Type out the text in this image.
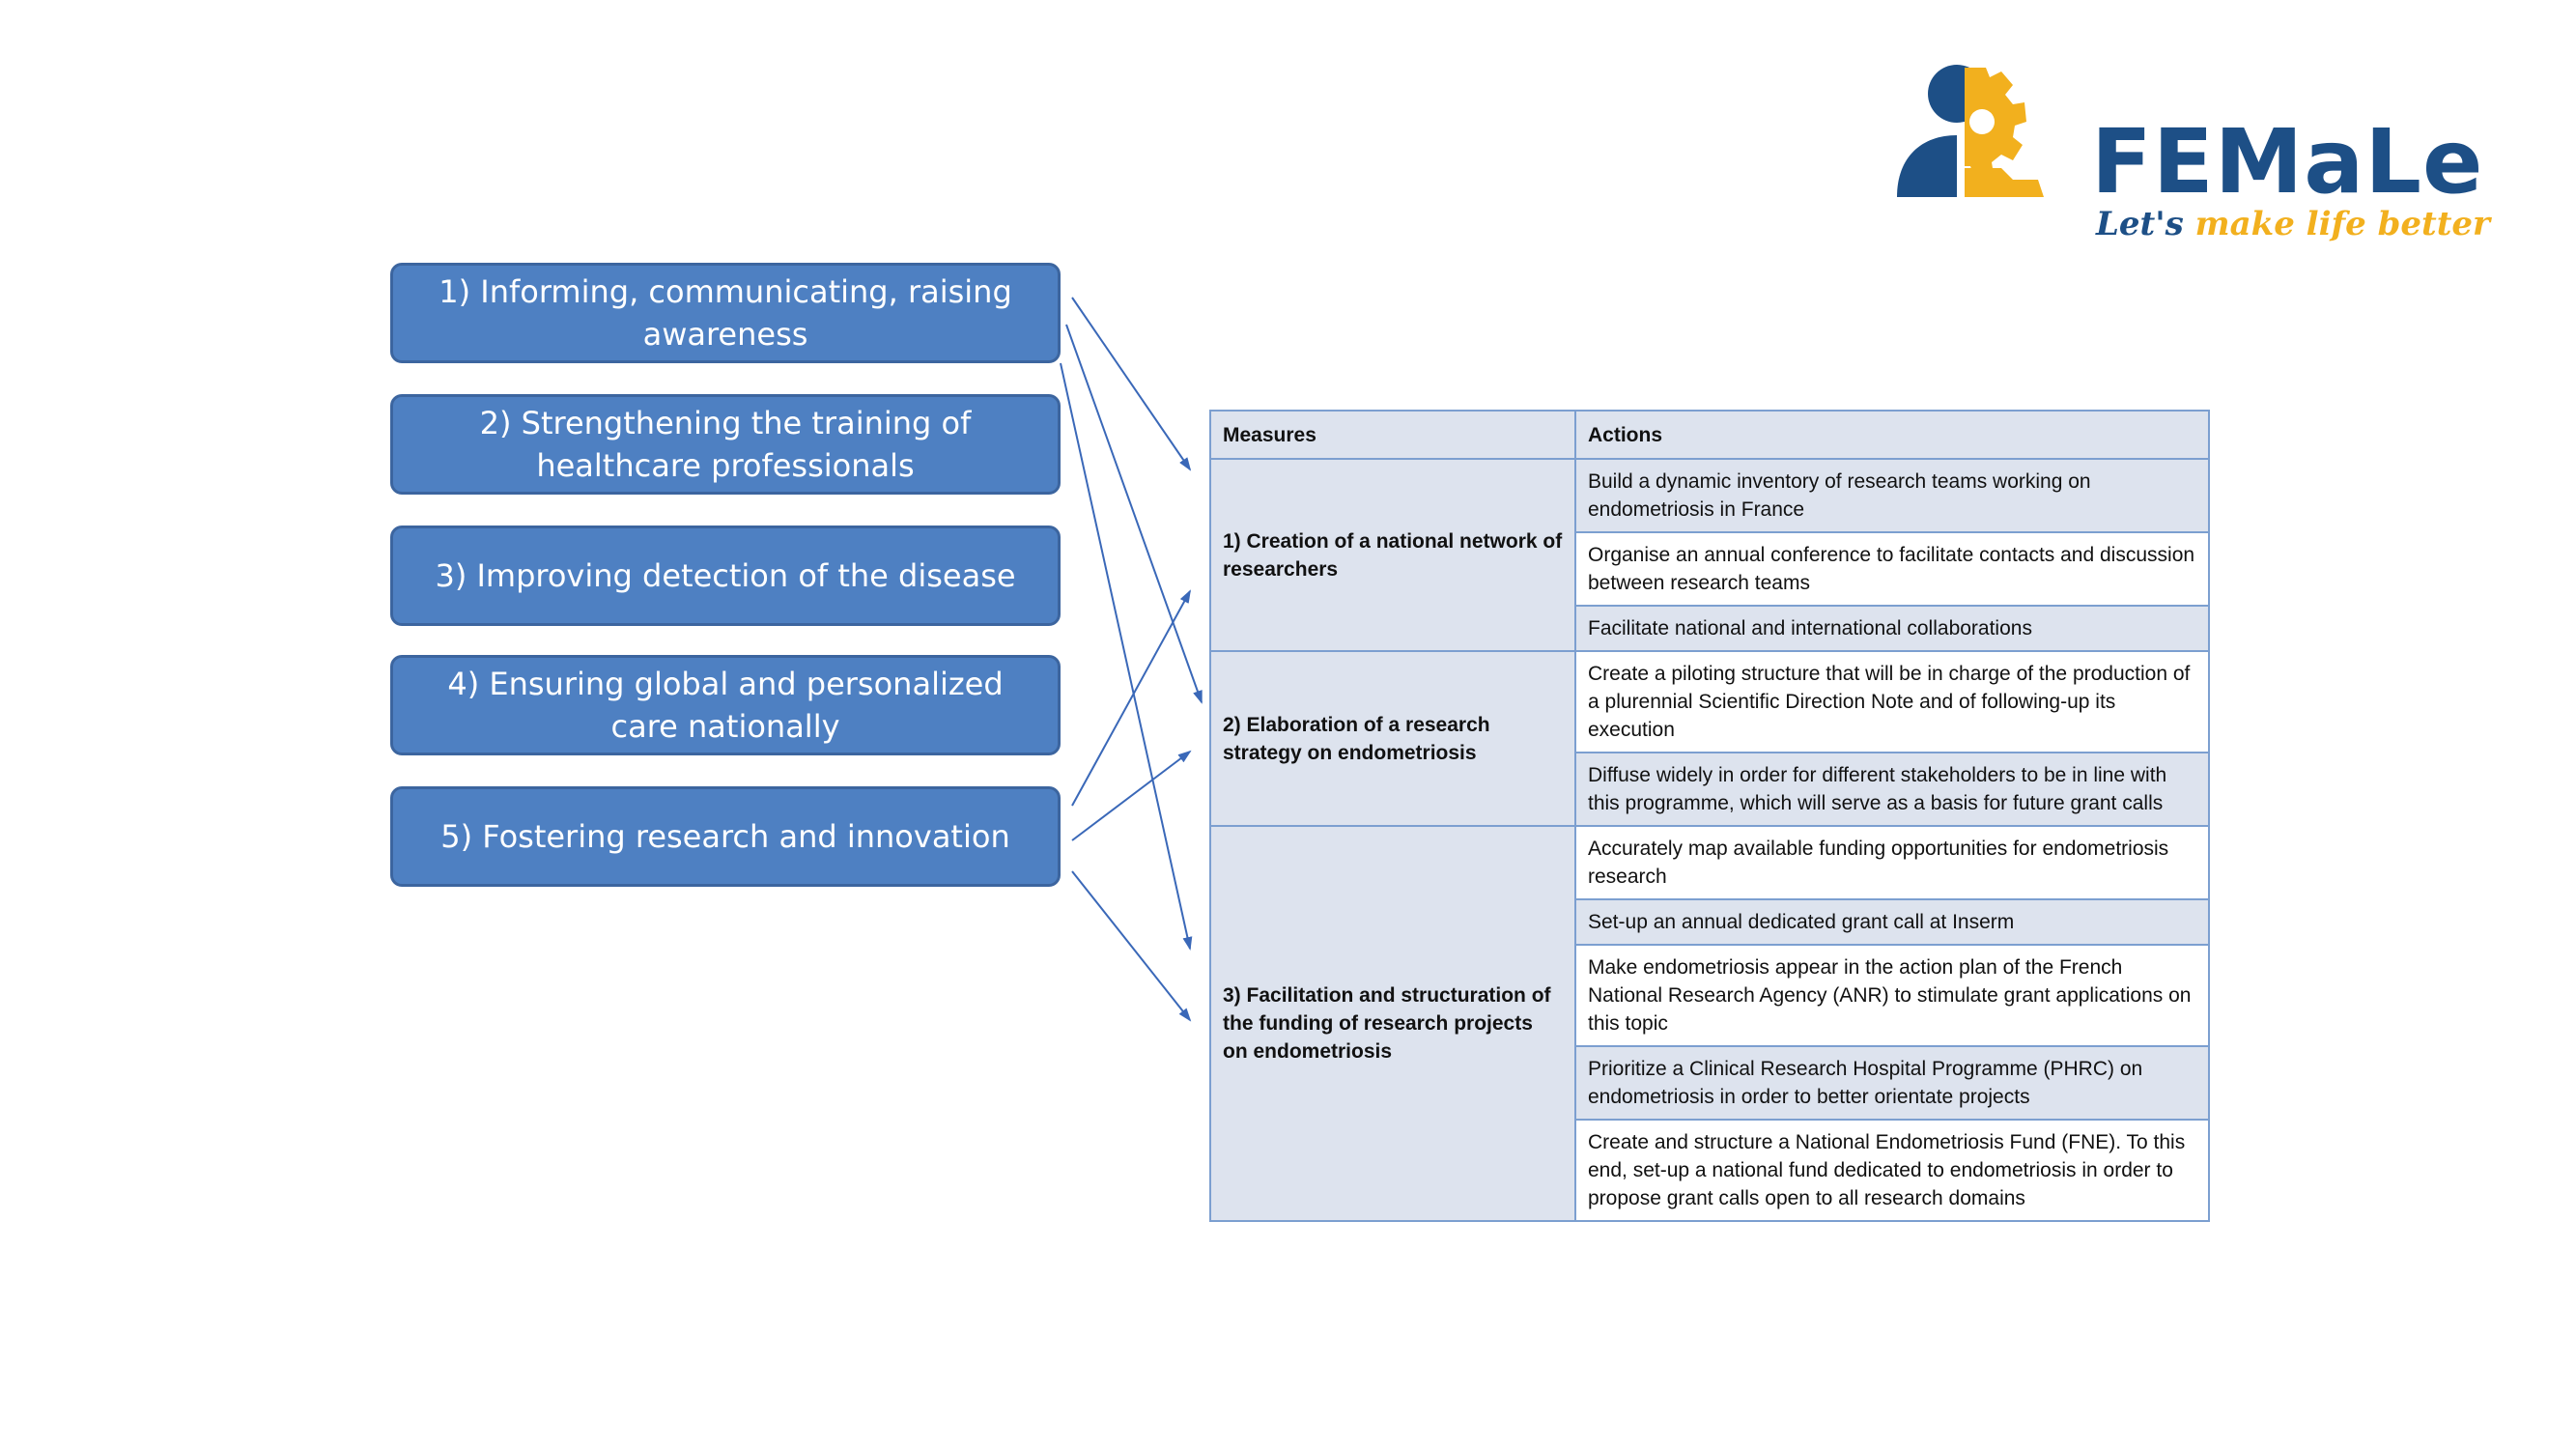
FEMaLe
Let's make life better
1) Informing, communicating, raising awareness
2) Strengthening the training of healthcare professionals
3) Improving detection of the disease
4) Ensuring global and personalized care nationally
5) Fostering research and innovation
Measures	Actions
1) Creation of a national network of researchers	Build a dynamic inventory of research teams working on endometriosis in France
	Organise an annual conference to facilitate contacts and discussion between research teams
	Facilitate national and international collaborations
2) Elaboration of a research strategy on endometriosis	Create a piloting structure that will be in charge of the production of a plurennial Scientific Direction Note and of following-up its execution
	Diffuse widely in order for different stakeholders to be in line with this programme, which will serve as a basis for future grant calls
3) Facilitation and structuration of the funding of research projects on endometriosis	Accurately map available funding opportunities for endometriosis research
	Set-up an annual dedicated grant call at Inserm
	Make endometriosis appear in the action plan of the French National Research Agency (ANR) to stimulate grant applications on this topic
	Prioritize a Clinical Research Hospital Programme (PHRC) on endometriosis in order to better orientate projects
	Create and structure a National Endometriosis Fund (FNE). To this end, set-up a national fund dedicated to endometriosis in order to propose grant calls open to all research domains
